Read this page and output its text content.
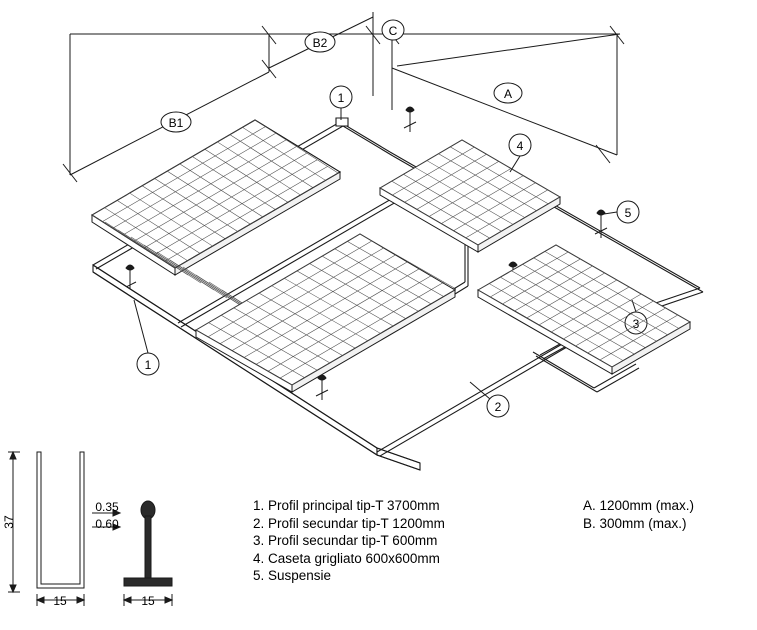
B1
B2
C
A
1
4
5
3
2
1
15	15
0.35
0.60
37
1. Profil principal tip-T 3700mm
2. Profil secundar tip-T 1200mm
3. Profil secundar tip-T 600mm
4. Caseta grigliato 600x600mm
5. Suspensie
A. 1200mm (max.)
B. 300mm (max.)
